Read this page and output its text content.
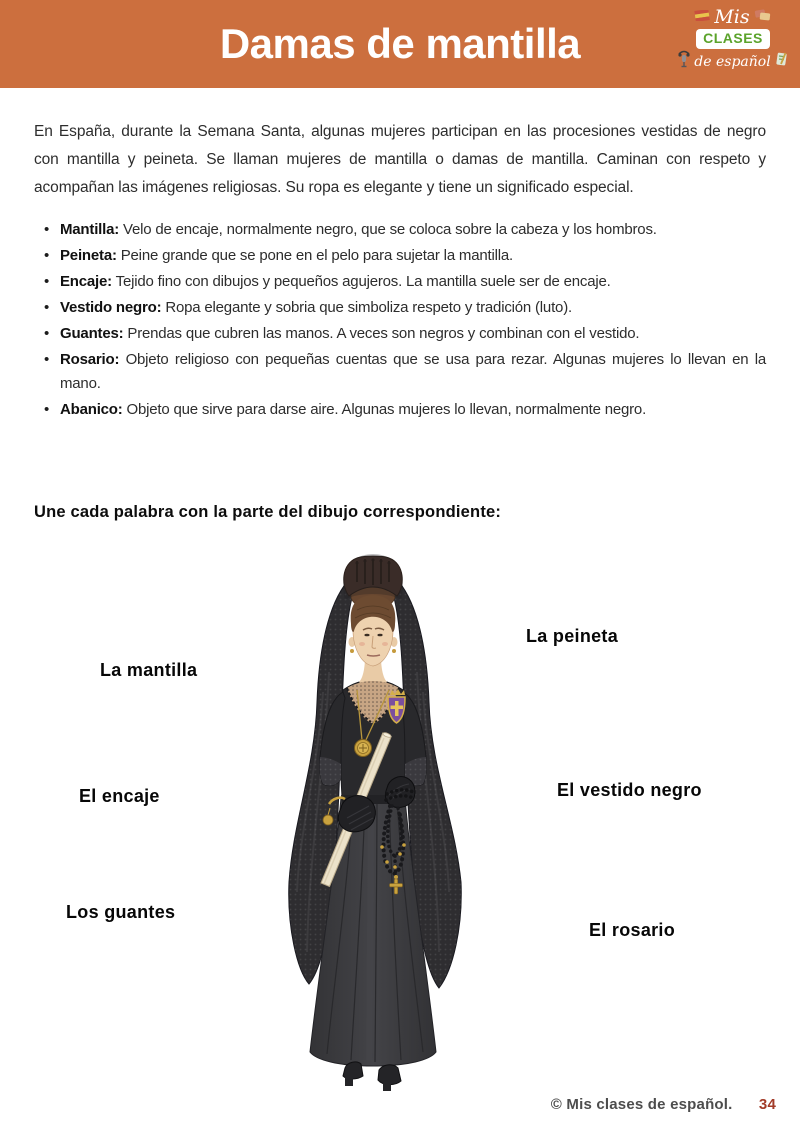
Damas de mantilla
Mis
CLASES
de español

En España, durante la Semana Santa, algunas mujeres participan en las procesiones vestidas de negro con mantilla y peineta. Se llaman mujeres de mantilla o damas de mantilla. Caminan con respeto y acompañan las imágenes religiosas. Su ropa es elegante y tiene un significado especial.

• Mantilla: Velo de encaje, normalmente negro, que se coloca sobre la cabeza y los hombros.
• Peineta: Peine grande que se pone en el pelo para sujetar la mantilla.
• Encaje: Tejido fino con dibujos y pequeños agujeros. La mantilla suele ser de encaje.
• Vestido negro: Ropa elegante y sobria que simboliza respeto y tradición (luto).
• Guantes: Prendas que cubren las manos. A veces son negros y combinan con el vestido.
• Rosario: Objeto religioso con pequeñas cuentas que se usa para rezar. Algunas mujeres lo llevan en la mano.
• Abanico: Objeto que sirve para darse aire. Algunas mujeres lo llevan, normalmente negro.

Une cada palabra con la parte del dibujo correspondiente:

La mantilla
El encaje
Los guantes
La peineta
El vestido negro
El rosario
© Mis clases de español. 34
